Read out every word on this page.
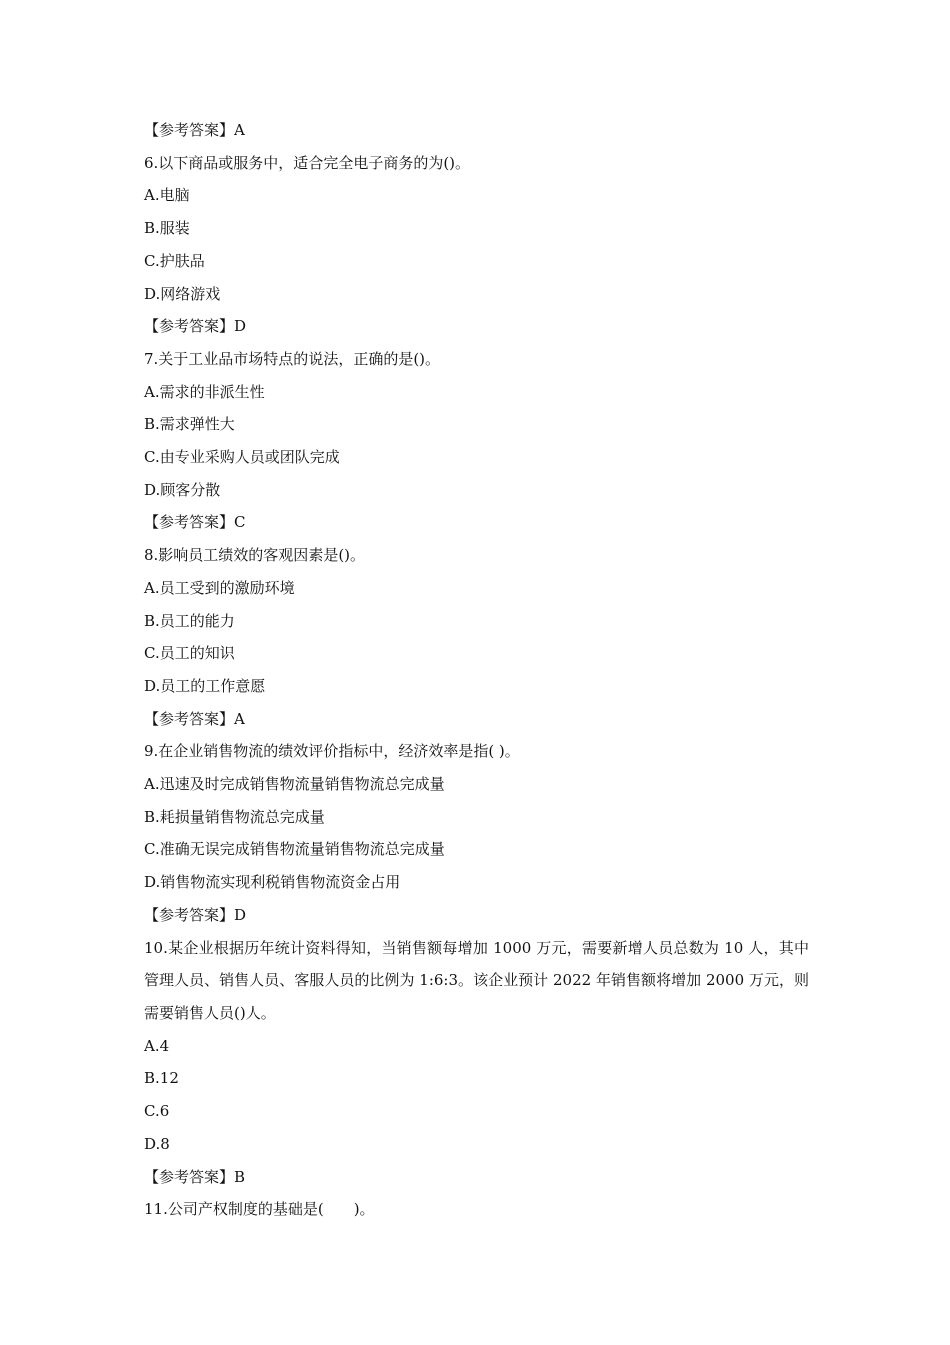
【参考答案】A

6.以下商品或服务中，适合完全电子商务的为()。

A.电脑

B.服装

C.护肤品

D.网络游戏

【参考答案】D

7.关于工业品市场特点的说法，正确的是()。

A.需求的非派生性

B.需求弹性大

C.由专业采购人员或团队完成

D.顾客分散

【参考答案】C

8.影响员工绩效的客观因素是()。

A.员工受到的激励环境

B.员工的能力

C.员工的知识

D.员工的工作意愿

【参考答案】A

9.在企业销售物流的绩效评价指标中，经济效率是指( )。

A.迅速及时完成销售物流量销售物流总完成量

B.耗损量销售物流总完成量

C.准确无误完成销售物流量销售物流总完成量

D.销售物流实现利税销售物流资金占用

【参考答案】D

10.某企业根据历年统计资料得知，当销售额每增加 1000 万元，需要新增人员总数为 10 人，其中管理人员、销售人员、客服人员的比例为 1:6:3。该企业预计 2022 年销售额将增加 2000 万元，则需要销售人员()人。

A.4

B.12

C.6

D.8

【参考答案】B

11.公司产权制度的基础是(　　)。
